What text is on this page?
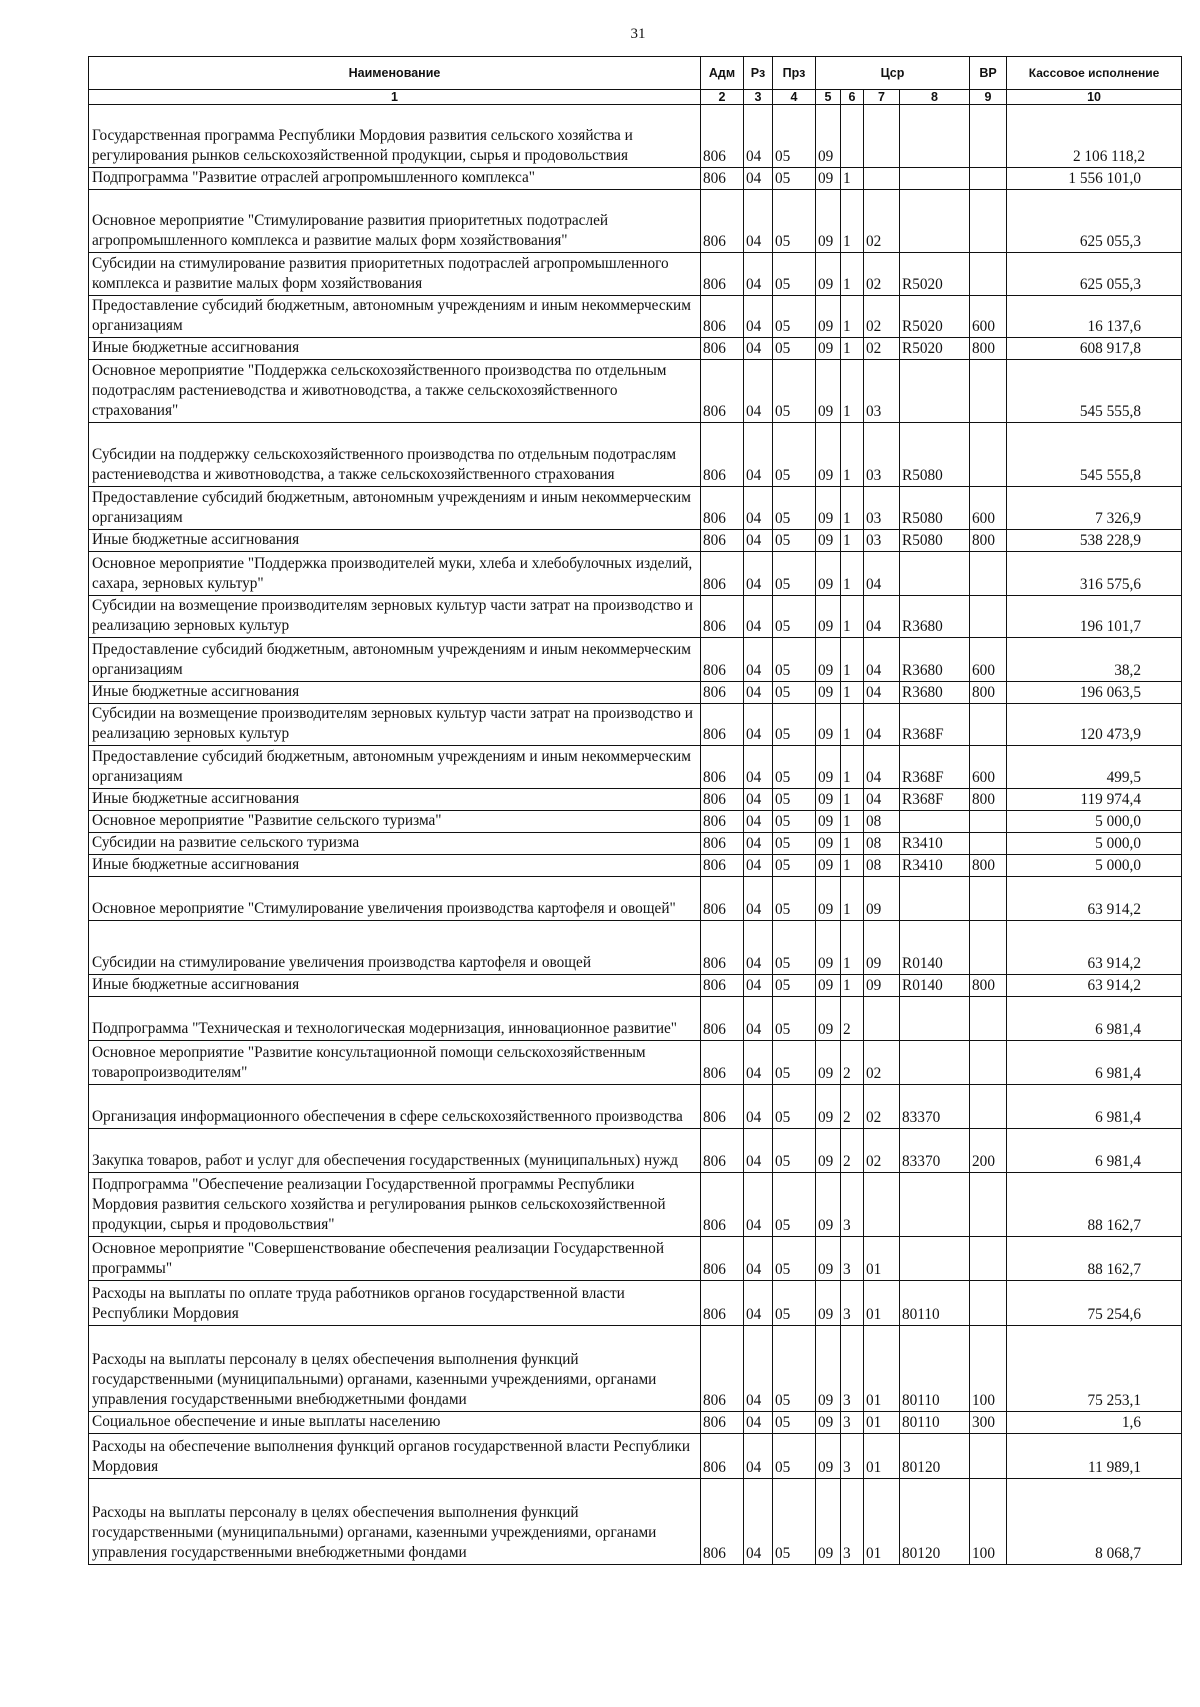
31
Наименование	Адм	Рз	Прз	Цср				ВР	Кассовое исполнение
1	2	3	4	5	6	7	8	9	10
Государственная программа Республики Мордовия развития сельского хозяйства и регулирования рынков сельскохозяйственной продукции, сырья и продовольствия	806	04	05	09					2 106 118,2
Подпрограмма "Развитие отраслей агропромышленного комплекса"	806	04	05	09	1				1 556 101,0
Основное мероприятие "Стимулирование развития приоритетных подотраслей агропромышленного комплекса и развитие малых форм хозяйствования"	806	04	05	09	1	02			625 055,3
Субсидии на стимулирование развития приоритетных подотраслей агропромышленного комплекса и развитие малых форм хозяйствования	806	04	05	09	1	02	R5020		625 055,3
Предоставление субсидий бюджетным, автономным учреждениям и иным некоммерческим организациям	806	04	05	09	1	02	R5020	600	16 137,6
Иные бюджетные ассигнования	806	04	05	09	1	02	R5020	800	608 917,8
Основное мероприятие "Поддержка сельскохозяйственного производства по отдельным подотраслям растениеводства и животноводства, а также сельскохозяйственного страхования"	806	04	05	09	1	03			545 555,8
Субсидии на поддержку сельскохозяйственного производства по отдельным подотраслям растениеводства и животноводства, а также сельскохозяйственного страхования	806	04	05	09	1	03	R5080		545 555,8
Предоставление субсидий бюджетным, автономным учреждениям и иным некоммерческим организациям	806	04	05	09	1	03	R5080	600	7 326,9
Иные бюджетные ассигнования	806	04	05	09	1	03	R5080	800	538 228,9
Основное мероприятие "Поддержка производителей муки, хлеба и хлебобулочных изделий, сахара, зерновых культур"	806	04	05	09	1	04			316 575,6
Субсидии на возмещение производителям зерновых культур части затрат на производство и реализацию зерновых культур	806	04	05	09	1	04	R3680		196 101,7
Предоставление субсидий бюджетным, автономным учреждениям и иным некоммерческим организациям	806	04	05	09	1	04	R3680	600	38,2
Иные бюджетные ассигнования	806	04	05	09	1	04	R3680	800	196 063,5
Субсидии на возмещение производителям зерновых культур части затрат на производство и реализацию зерновых культур	806	04	05	09	1	04	R368F		120 473,9
Предоставление субсидий бюджетным, автономным учреждениям и иным некоммерческим организациям	806	04	05	09	1	04	R368F	600	499,5
Иные бюджетные ассигнования	806	04	05	09	1	04	R368F	800	119 974,4
Основное мероприятие "Развитие сельского туризма"	806	04	05	09	1	08			5 000,0
Субсидии на развитие сельского туризма	806	04	05	09	1	08	R3410		5 000,0
Иные бюджетные ассигнования	806	04	05	09	1	08	R3410	800	5 000,0
Основное мероприятие "Стимулирование увеличения производства картофеля и овощей"	806	04	05	09	1	09			63 914,2
Субсидии на стимулирование увеличения производства картофеля и овощей	806	04	05	09	1	09	R0140		63 914,2
Иные бюджетные ассигнования	806	04	05	09	1	09	R0140	800	63 914,2
Подпрограмма "Техническая и технологическая модернизация, инновационное развитие"	806	04	05	09	2				6 981,4
Основное мероприятие "Развитие консультационной помощи сельскохозяйственным товаропроизводителям"	806	04	05	09	2	02			6 981,4
Организация информационного обеспечения в сфере сельскохозяйственного производства	806	04	05	09	2	02	83370		6 981,4
Закупка товаров, работ и услуг для обеспечения государственных (муниципальных) нужд	806	04	05	09	2	02	83370	200	6 981,4
Подпрограмма "Обеспечение реализации Государственной программы Республики Мордовия развития сельского хозяйства и регулирования рынков сельскохозяйственной продукции, сырья и продовольствия"	806	04	05	09	3				88 162,7
Основное мероприятие "Совершенствование обеспечения реализации Государственной программы"	806	04	05	09	3	01			88 162,7
Расходы на выплаты по оплате труда работников органов государственной власти Республики Мордовия	806	04	05	09	3	01	80110		75 254,6
Расходы на выплаты персоналу в целях обеспечения выполнения функций государственными (муниципальными) органами, казенными учреждениями, органами управления государственными внебюджетными фондами	806	04	05	09	3	01	80110	100	75 253,1
Социальное обеспечение и иные выплаты населению	806	04	05	09	3	01	80110	300	1,6
Расходы на обеспечение выполнения функций органов государственной власти Республики Мордовия	806	04	05	09	3	01	80120		11 989,1
Расходы на выплаты персоналу в целях обеспечения выполнения функций государственными (муниципальными) органами, казенными учреждениями, органами управления государственными внебюджетными фондами	806	04	05	09	3	01	80120	100	8 068,7
